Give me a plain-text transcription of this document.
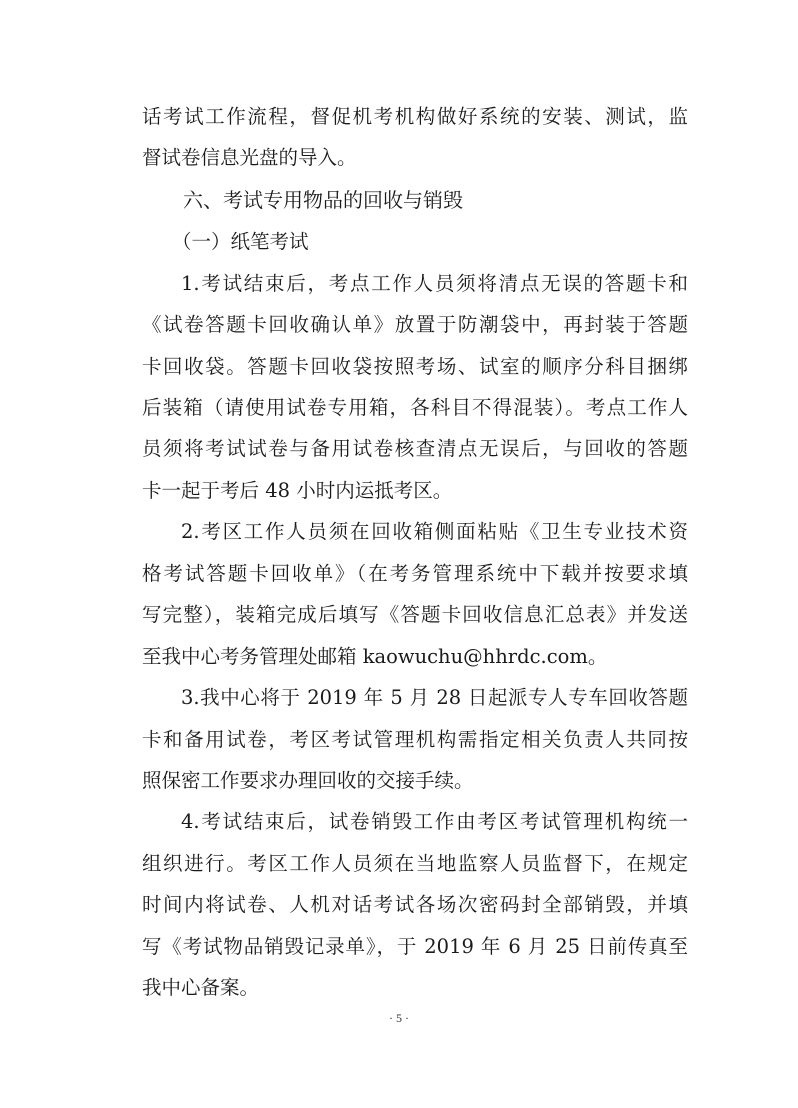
话考试工作流程，督促机考机构做好系统的安装、测试，监
督试卷信息光盘的导入。
六、考试专用物品的回收与销毁
（一）纸笔考试
1.考试结束后，考点工作人员须将清点无误的答题卡和
《试卷答题卡回收确认单》放置于防潮袋中，再封装于答题
卡回收袋。答题卡回收袋按照考场、试室的顺序分科目捆绑
后装箱（请使用试卷专用箱，各科目不得混装）。考点工作人
员须将考试试卷与备用试卷核查清点无误后，与回收的答题
卡一起于考后 48 小时内运抵考区。
2.考区工作人员须在回收箱侧面粘贴《卫生专业技术资
格考试答题卡回收单》（在考务管理系统中下载并按要求填
写完整），装箱完成后填写《答题卡回收信息汇总表》并发送
至我中心考务管理处邮箱 kaowuchu@hhrdc.com。
3.我中心将于 2019 年 5 月 28 日起派专人专车回收答题
卡和备用试卷，考区考试管理机构需指定相关负责人共同按
照保密工作要求办理回收的交接手续。
4.考试结束后，试卷销毁工作由考区考试管理机构统一
组织进行。考区工作人员须在当地监察人员监督下，在规定
时间内将试卷、人机对话考试各场次密码封全部销毁，并填
写《考试物品销毁记录单》，于 2019 年 6 月 25 日前传真至
我中心备案。
· 5 ·
